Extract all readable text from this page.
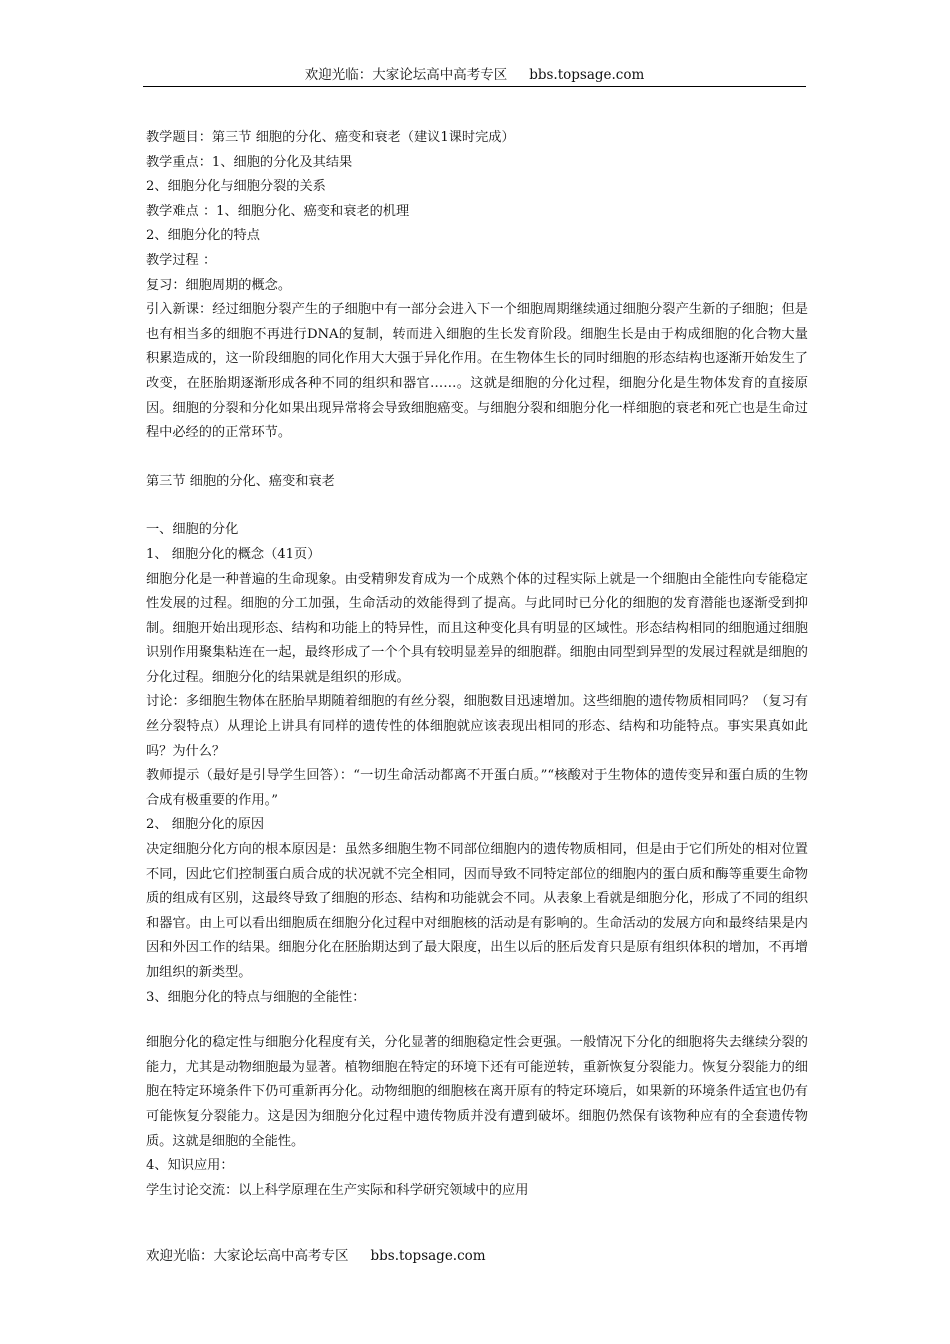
欢迎光临：大家论坛高中高考专区 bbs.topsage.com

教学题目：第三节 细胞的分化、癌变和衰老（建议1课时完成）

教学重点：1、细胞的分化及其结果

2、细胞分化与细胞分裂的关系

教学难点 ：1、细胞分化、癌变和衰老的机理

2、细胞分化的特点

教学过程 ：

复习：细胞周期的概念。

引入新课：经过细胞分裂产生的子细胞中有一部分会进入下一个细胞周期继续通过细胞分裂产生新的子细胞；但是也有相当多的细胞不再进行DNA的复制，转而进入细胞的生长发育阶段。细胞生长是由于构成细胞的化合物大量积累造成的，这一阶段细胞的同化作用大大强于异化作用。在生物体生长的同时细胞的形态结构也逐渐开始发生了改变，在胚胎期逐渐形成各种不同的组织和器官……。这就是细胞的分化过程，细胞分化是生物体发育的直接原因。细胞的分裂和分化如果出现异常将会导致细胞癌变。与细胞分裂和细胞分化一样细胞的衰老和死亡也是生命过程中必经的的正常环节。

第三节 细胞的分化、癌变和衰老

一、细胞的分化

1、 细胞分化的概念（41页）

细胞分化是一种普遍的生命现象。由受精卵发育成为一个成熟个体的过程实际上就是一个细胞由全能性向专能稳定性发展的过程。细胞的分工加强，生命活动的效能得到了提高。与此同时已分化的细胞的发育潜能也逐渐受到抑制。细胞开始出现形态、结构和功能上的特异性，而且这种变化具有明显的区域性。形态结构相同的细胞通过细胞识别作用聚集粘连在一起，最终形成了一个个具有较明显差异的细胞群。细胞由同型到异型的发展过程就是细胞的分化过程。细胞分化的结果就是组织的形成。

讨论：多细胞生物体在胚胎早期随着细胞的有丝分裂，细胞数目迅速增加。这些细胞的遗传物质相同吗？（复习有丝分裂特点）从理论上讲具有同样的遗传性的体细胞就应该表现出相同的形态、结构和功能特点。事实果真如此吗？为什么？

教师提示（最好是引导学生回答）：“一切生命活动都离不开蛋白质。”“核酸对于生物体的遗传变异和蛋白质的生物合成有极重要的作用。”

2、 细胞分化的原因

决定细胞分化方向的根本原因是：虽然多细胞生物不同部位细胞内的遗传物质相同，但是由于它们所处的相对位置不同，因此它们控制蛋白质合成的状况就不完全相同，因而导致不同特定部位的细胞内的蛋白质和酶等重要生命物质的组成有区别，这最终导致了细胞的形态、结构和功能就会不同。从表象上看就是细胞分化，形成了不同的组织和器官。由上可以看出细胞质在细胞分化过程中对细胞核的活动是有影响的。生命活动的发展方向和最终结果是内因和外因工作的结果。细胞分化在胚胎期达到了最大限度，出生以后的胚后发育只是原有组织体积的增加，不再增加组织的新类型。

3、细胞分化的特点与细胞的全能性：

细胞分化的稳定性与细胞分化程度有关，分化显著的细胞稳定性会更强。一般情况下分化的细胞将失去继续分裂的能力，尤其是动物细胞最为显著。植物细胞在特定的环境下还有可能逆转，重新恢复分裂能力。恢复分裂能力的细胞在特定环境条件下仍可重新再分化。动物细胞的细胞核在离开原有的特定环境后，如果新的环境条件适宜也仍有可能恢复分裂能力。这是因为细胞分化过程中遗传物质并没有遭到破坏。细胞仍然保有该物种应有的全套遗传物质。这就是细胞的全能性。

4、知识应用：

学生讨论交流：以上科学原理在生产实际和科学研究领域中的应用

欢迎光临：大家论坛高中高考专区 bbs.topsage.com
